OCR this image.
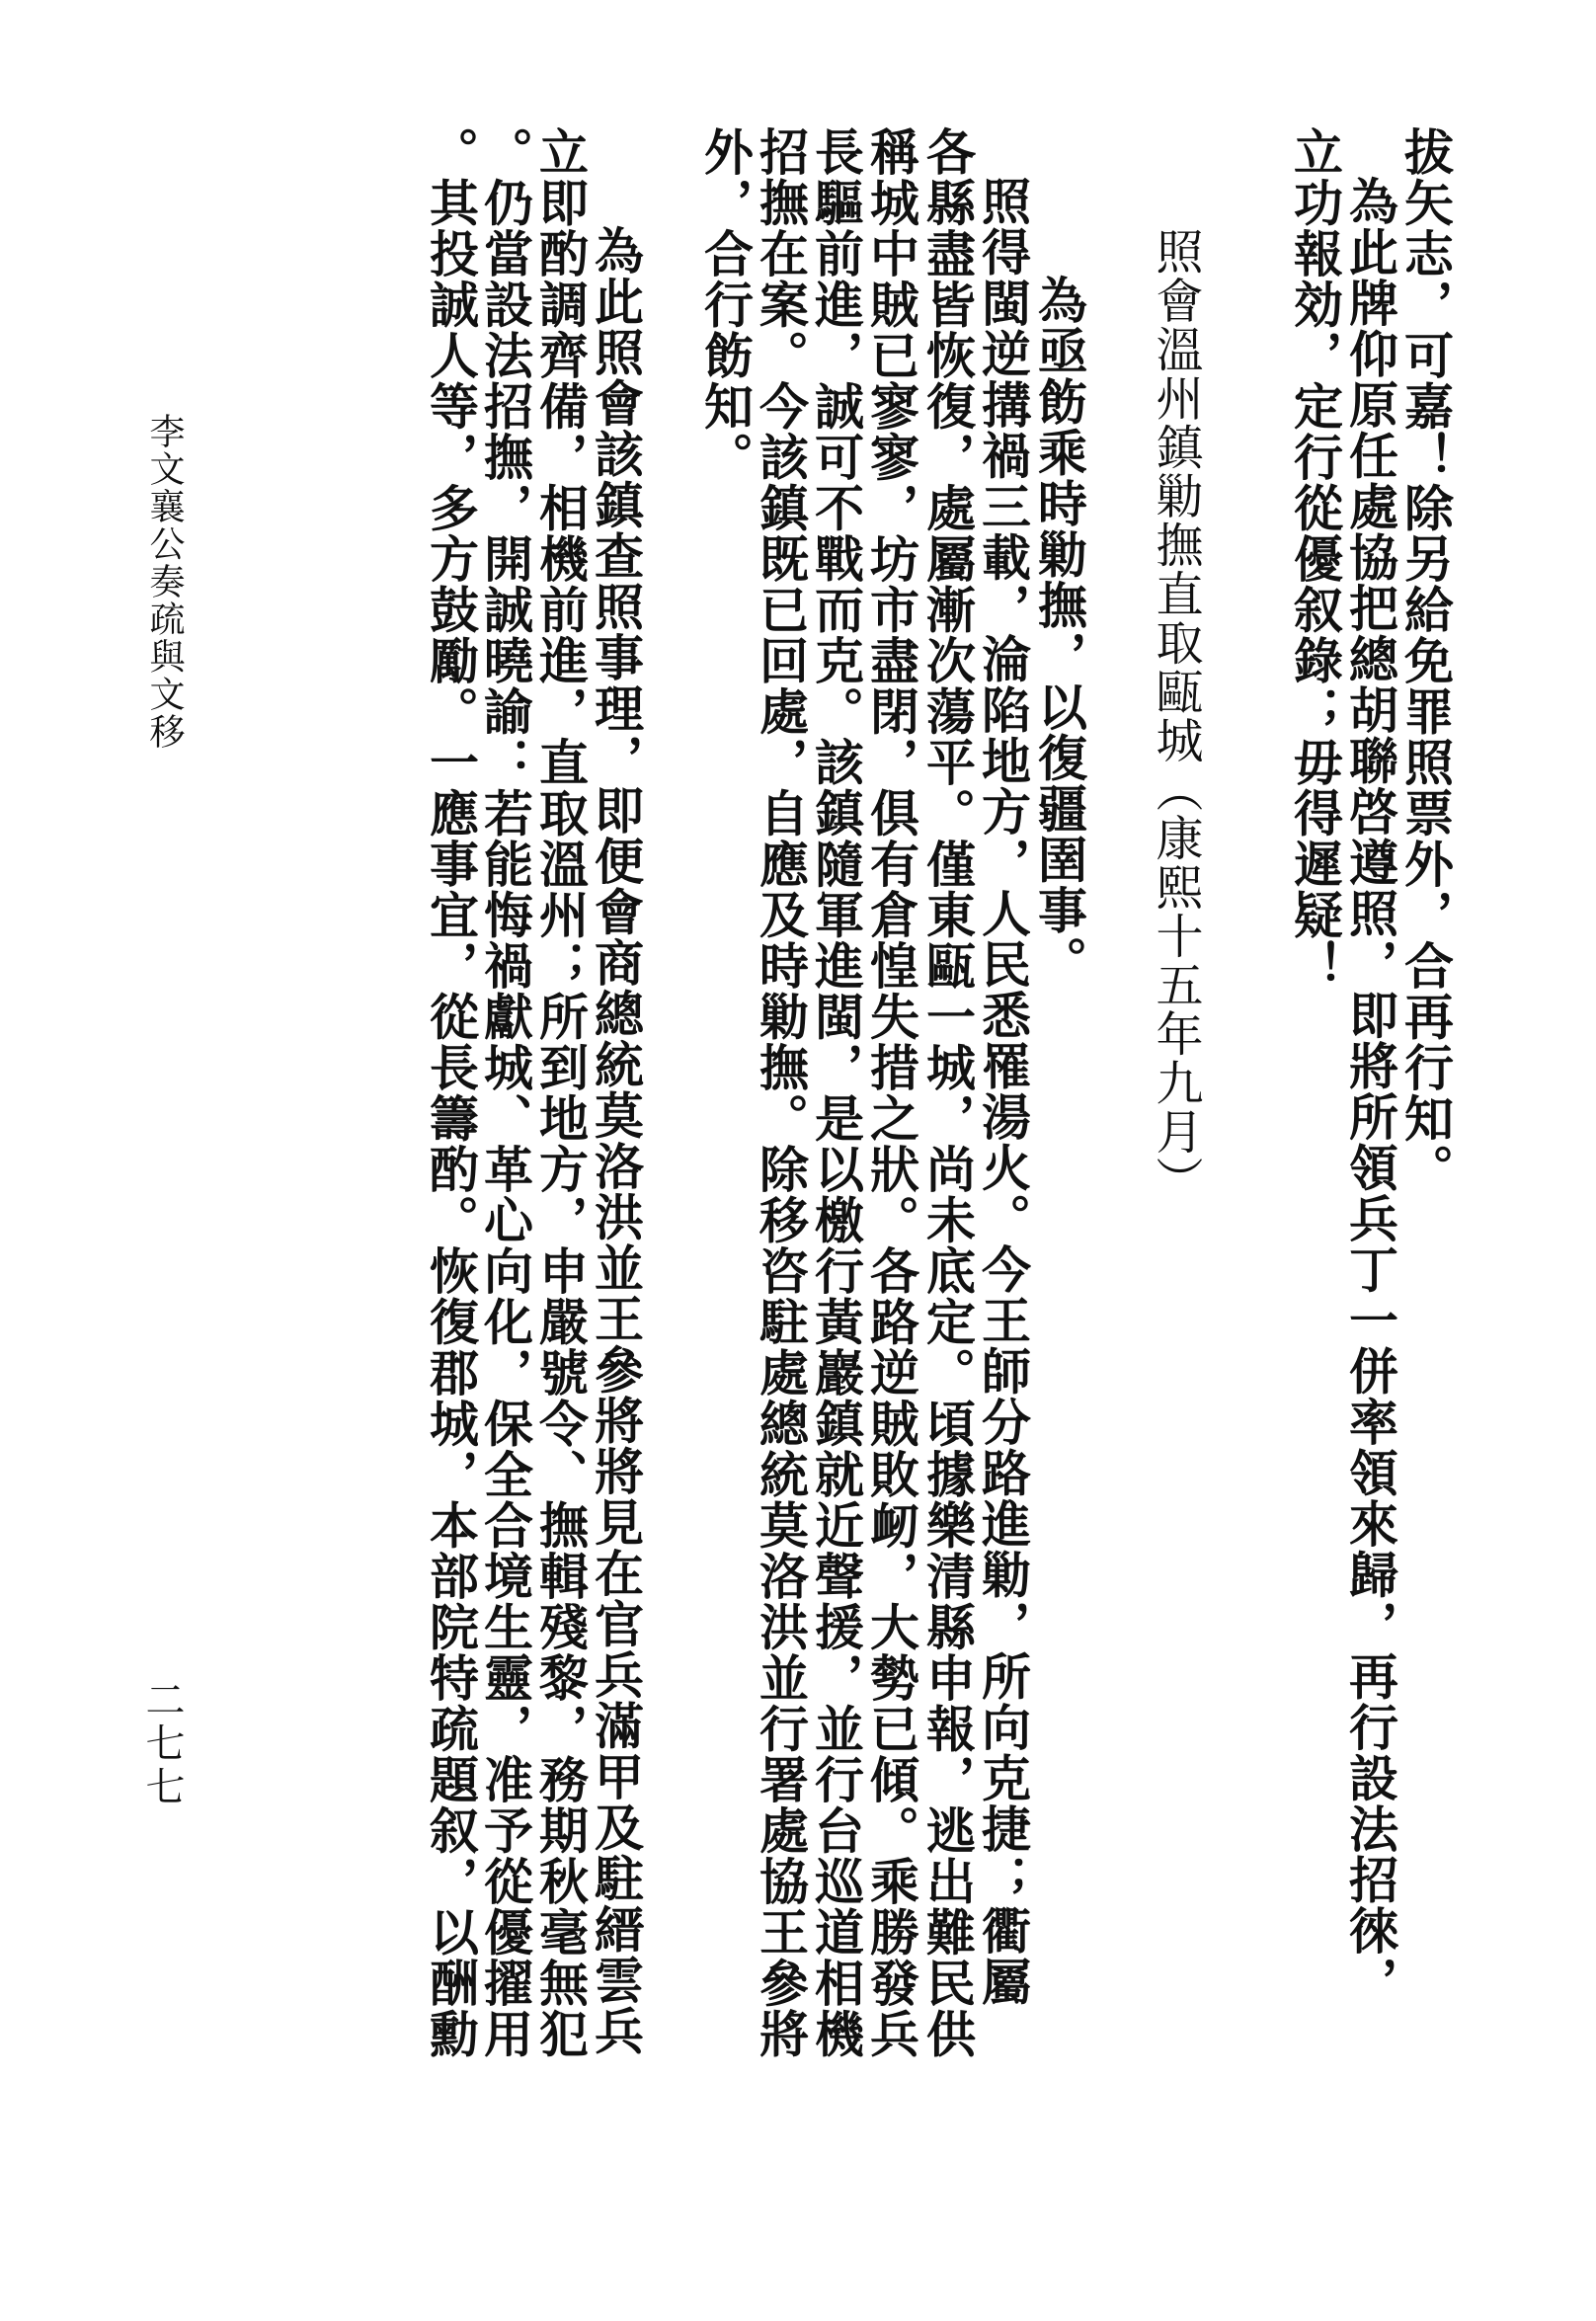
拔矢志，可嘉！除另給免罪照票外，合再行知。
為此牌仰原任處協把總胡聯啓遵照，即將所領兵丁一併率領來歸，再行設法招徠，
立功報効，定行從優叙錄；毋得遲疑！
照會溫州鎮勦撫直取甌城（康熙十五年九月）
為亟飭乘時勦撫，以復疆圉事。
照得閩逆搆禍三載，淪陷地方，人民悉罹湯火。今王師分路進勦，所向克捷；衢屬
各縣盡皆恢復，處屬漸次蕩平。僅東甌一城，尚未底定。頃據樂清縣申報，逃出難民供
稱城中賊已寥寥，坊市盡閉，俱有倉惶失措之狀。各路逆賊敗衂，大勢已傾。乘勝發兵
長驅前進，誠可不戰而克。該鎮隨軍進閩，是以檄行黃巖鎮就近聲援，並行台巡道相機
招撫在案。今該鎮既已回處，自應及時勦撫。除移咨駐處總統莫洛洪並行署處協王參將
外，合行飭知。
為此照會該鎮查照事理，即便會商總統莫洛洪並王參將將見在官兵滿甲及駐縉雲兵
立即酌調齊備，相機前進，直取溫州；所到地方，申嚴號令、撫輯殘黎，務期秋毫無犯
。仍當設法招撫，開誠曉諭：若能悔禍獻城、革心向化，保全合境生靈，准予從優擢用
。其投誠人等，多方鼓勵。一應事宜，從長籌酌。恢復郡城，本部院特疏題叙，以酬勳
李文襄公奏疏與文移
二七七
